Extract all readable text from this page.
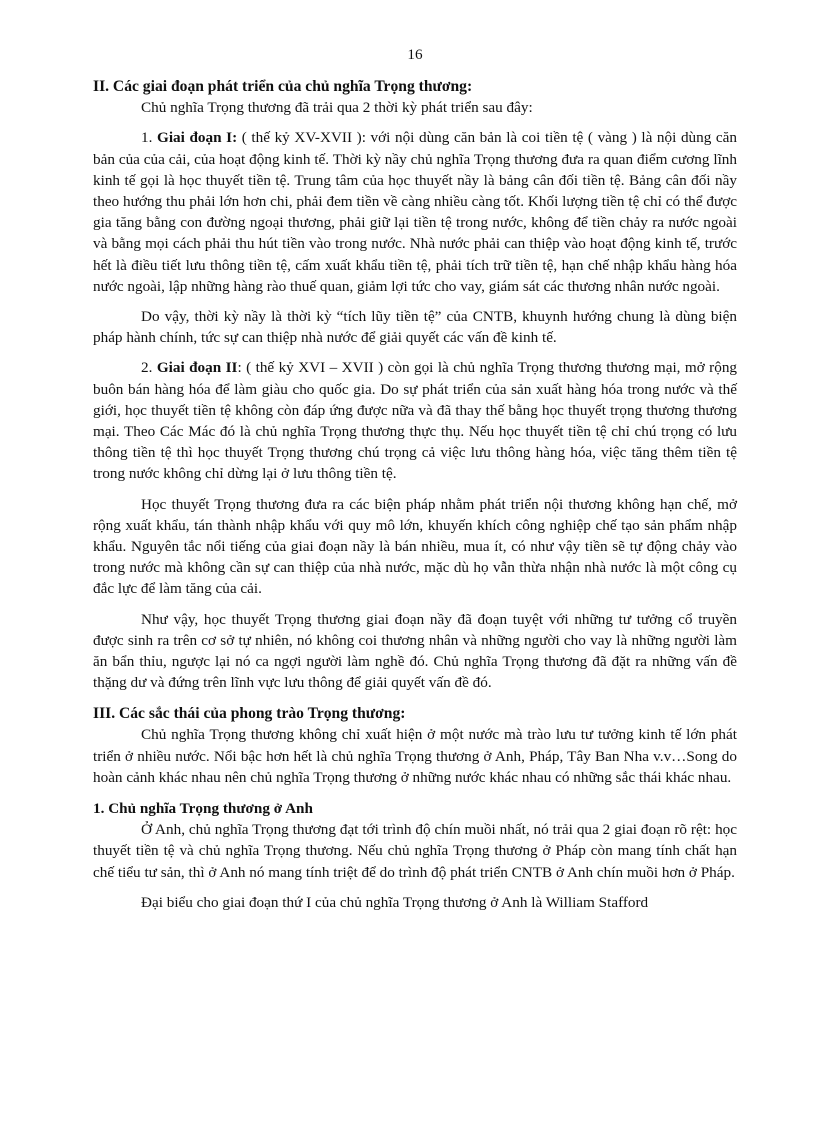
16
II. Các giai đoạn phát triển của chủ nghĩa Trọng thương:

Chủ nghĩa Trọng thương đã trải qua 2 thời kỳ phát triển sau đây:

1. Giai đoạn I: ( thế kỷ XV-XVII ): với nội dùng căn bản là coi tiền tệ ( vàng ) là nội dùng căn bản của của cải, của hoạt động kinh tế. Thời kỳ nầy chủ nghĩa Trọng thương đưa ra quan điểm cương lĩnh kinh tế gọi là học thuyết tiền tệ. Trung tâm của học thuyết nầy là bảng cân đối tiền tệ. Bảng cân đối nầy theo hướng thu phải lớn hơn chi, phải đem tiền về càng nhiều càng tốt. Khối lượng tiền tệ chỉ có thể được gia tăng bằng con đường ngoại thương, phải giữ lại tiền tệ trong nước, không để tiền chảy ra nước ngoài và bằng mọi cách phải thu hút tiền vào trong nước. Nhà nước phải can thiệp vào hoạt động kinh tế, trước hết là điều tiết lưu thông tiền tệ, cấm xuất khẩu tiền tệ, phải tích trữ tiền tệ, hạn chế nhập khẩu hàng hóa nước ngoài, lập những hàng rào thuế quan, giảm lợi tức cho vay, giám sát các thương nhân nước ngoài.

Do vậy, thời kỳ nầy là thời kỳ “tích lũy tiền tệ” của CNTB, khuynh hướng chung là dùng biện pháp hành chính, tức sự can thiệp nhà nước để giải quyết các vấn đề kinh tế.

2. Giai đoạn II: ( thế kỷ XVI – XVII ) còn gọi là chủ nghĩa Trọng thương thương mại, mở rộng buôn bán hàng hóa để làm giàu cho quốc gia. Do sự phát triển của sản xuất hàng hóa trong nước và thế giới, học thuyết tiền tệ không còn đáp ứng được nữa và đã thay thế bằng học thuyết trọng thương thương mại. Theo Các Mác đó là chủ nghĩa Trọng thương thực thụ. Nếu học thuyết tiền tệ chỉ chú trọng có lưu thông tiền tệ thì học thuyết Trọng thương chú trọng cả việc lưu thông hàng hóa, việc tăng thêm tiền tệ trong nước không chỉ dừng lại ở lưu thông tiền tệ.

Học thuyết Trọng thương đưa ra các biện pháp nhằm phát triển nội thương không hạn chế, mở rộng xuất khẩu, tán thành nhập khẩu với quy mô lớn, khuyến khích công nghiệp chế tạo sản phẩm nhập khẩu. Nguyên tắc nổi tiếng của giai đoạn nầy là bán nhiều, mua ít, có như vậy tiền sẽ tự động chảy vào trong nước mà không cần sự can thiệp của nhà nước, mặc dù họ vẫn thừa nhận nhà nước là một công cụ đắc lực để làm tăng của cải.

Như vậy, học thuyết Trọng thương giai đoạn nầy đã đoạn tuyệt với những tư tưởng cổ truyền được sinh ra trên cơ sở tự nhiên, nó không coi thương nhân và những người cho vay là những người làm ăn bẩn thỉu, ngược lại nó ca ngợi người làm nghề đó. Chủ nghĩa Trọng thương đã đặt ra những vấn đề thặng dư và đứng trên lĩnh vực lưu thông để giải quyết vấn đề đó.

III. Các sắc thái của phong trào Trọng thương:

Chủ nghĩa Trọng thương không chỉ xuất hiện ở một nước mà trào lưu tư tưởng kinh tế lớn phát triển ở nhiều nước. Nổi bậc hơn hết là chủ nghĩa Trọng thương ở Anh, Pháp, Tây Ban Nha v.v…Song do hoàn cảnh khác nhau nên chủ nghĩa Trọng thương ở những nước khác nhau có những sắc thái khác nhau.

1. Chủ nghĩa Trọng thương ở Anh

Ở Anh, chủ nghĩa Trọng thương đạt tới trình độ chín muồi nhất, nó trải qua 2 giai đoạn rõ rệt: học thuyết tiền tệ và chủ nghĩa Trọng thương. Nếu chủ nghĩa Trọng thương ở Pháp còn mang tính chất hạn chế tiểu tư sản, thì ở Anh nó mang tính triệt để do trình độ phát triển CNTB ở Anh chín muồi hơn ở Pháp.

Đại biểu cho giai đoạn thứ I của chủ nghĩa Trọng thương ở Anh là William Stafford
